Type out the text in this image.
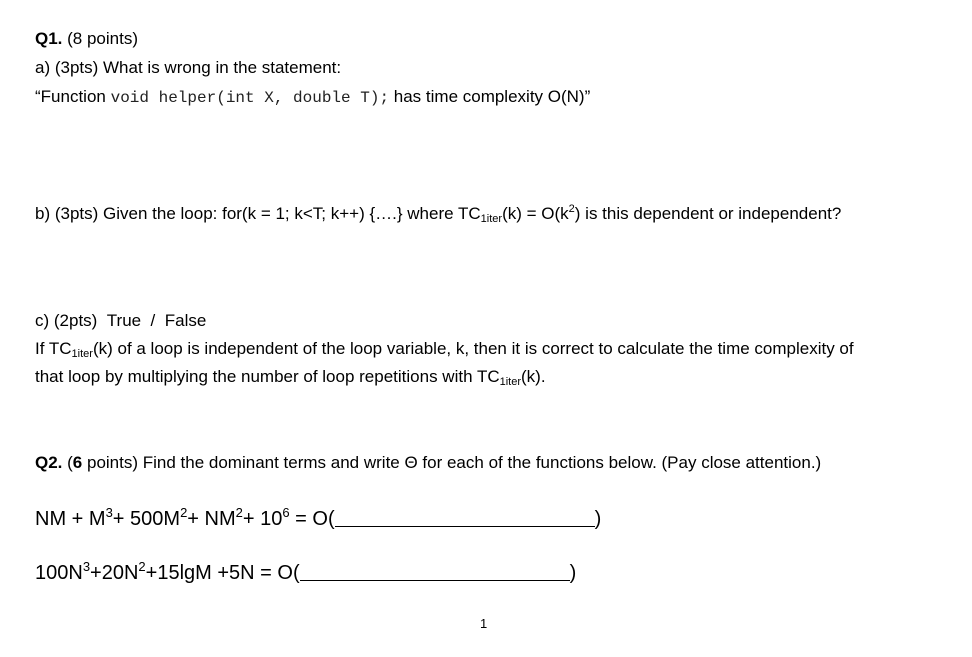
Q1. (8 points)
a) (3pts) What is wrong in the statement:
“Function void helper(int X, double T); has time complexity O(N)”
b) (3pts) Given the loop: for(k = 1; k<T; k++) {….} where $TC_{1iter}(k) = O(k^2)$ is this dependent or independent?
c) (2pts)  True  /  False
If $TC_{1iter}(k)$ of a loop is independent of the loop variable, k, then it is correct to calculate the time complexity of
that loop by multiplying the number of loop repetitions with $TC_{1iter}(k)$.
Q2. (6 points) Find the dominant terms and write Θ for each of the functions below. (Pay close attention.)
NM + $M^3+ 500M^2+ NM^2+ 10^6 = O$(	)
$100N^3+20N^2+15\lg M +5N = O$(	)
1
